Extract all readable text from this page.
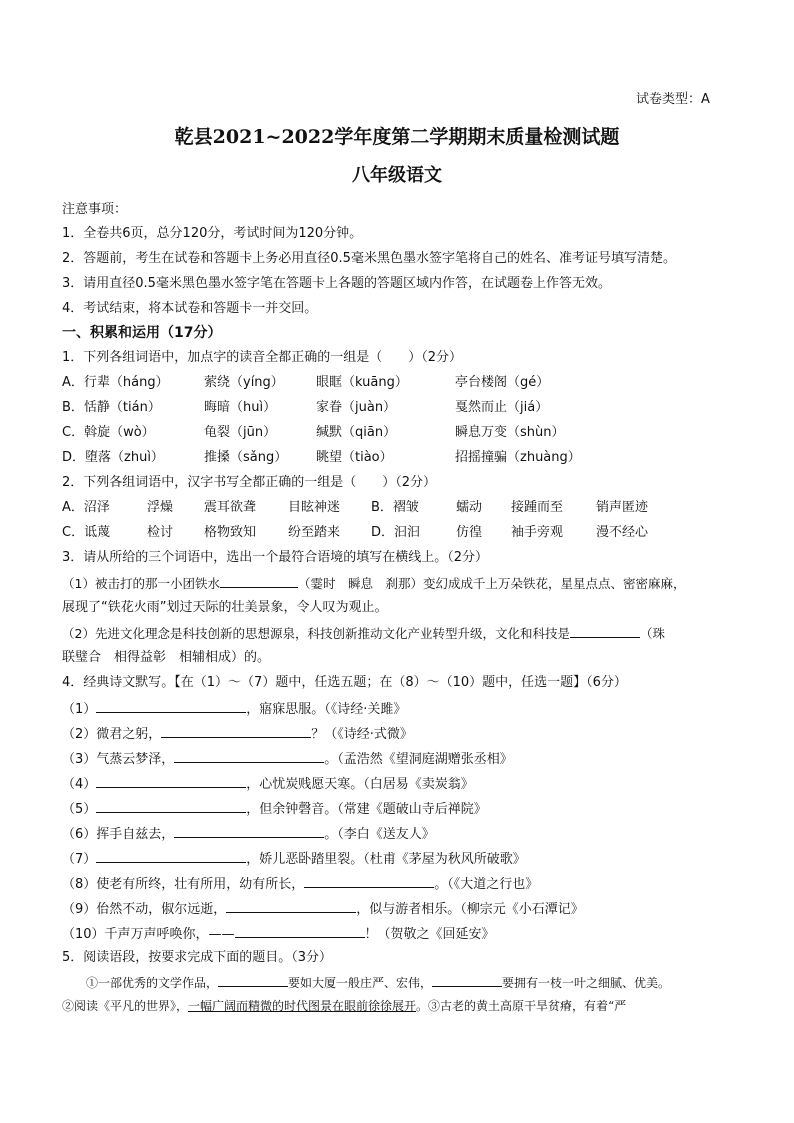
试卷类型：A
乾县2021~2022学年度第二学期期末质量检测试题
八年级语文
注意事项：
1．全卷共6页，总分120分，考试时间为120分钟。
2．答题前，考生在试卷和答题卡上务必用直径0.5毫米黑色墨水签字笔将自己的姓名、准考证号填写清楚。
3．请用直径0.5毫米黑色墨水签字笔在答题卡上各题的答题区域内作答，在试题卷上作答无效。
4．考试结束，将本试卷和答题卡一并交回。
一、积累和运用（17分）
1．下列各组词语中，加点字的读音全都正确的一组是（　　）（2分）
A．行辈（háng）	萦绕（yíng） 眼眶（kuāng）	亭台楼阁（gé）
B．恬静（tián）	晦暗（huì）	家眷（juàn）	戛然而止（jiá）
C．斡旋（wò）	龟裂（jūn）	缄默（qiān）	瞬息万变（shùn）
D．堕落（zhuì）	推搡（sǎng） 眺望（tiào）	招摇撞骗（zhuàng）
2．下列各组词语中，汉字书写全都正确的一组是（　　）（2分）
A．沼泽	浮燥 震耳欲聋 目眩神迷 B．褶皱	蠕动 接踵而至	销声匿迹
C．诋蔑	检讨 格物致知 纷至踏来 D．汩汩	仿徨 袖手旁观	漫不经心
3．请从所给的三个词语中，选出一个最符合语境的填写在横线上。（2分）
（1）被击打的那一小团铁水	（霎时　瞬息　刹那）变幻成成千上万朵铁花，星星点点、密密麻麻，
展现了“铁花火雨”划过天际的壮美景象，令人叹为观止。
（2）先进文化理念是科技创新的思想源泉，科技创新推动文化产业转型升级，文化和科技是	（珠
联璧合　相得益彰　相辅相成）的。
4．经典诗文默写。【在（1）～（7）题中，任选五题；在（8）～（10）题中，任选一题】（6分）
（1）	，寤寐思服。（《诗经·关雎》
（2）微君之躬，	？（《诗经·式微》
（3）气蒸云梦泽，	。（孟浩然《望洞庭湖赠张丞相》
（4）	，心忧炭贱愿天寒。（白居易《卖炭翁》
（5）	，但余钟磬音。（常建《题破山寺后禅院》
（6）挥手自兹去，	。（李白《送友人》
（7）	，娇儿恶卧踏里裂。（杜甫《茅屋为秋风所破歌》
（8）使老有所终，壮有所用，幼有所长，	。（《大道之行也》
（9）佁然不动，俶尔远逝，	，似与游者相乐。（柳宗元《小石潭记》
（10）千声万声呼唤你，——	！（贺敬之《回延安》
5．阅读语段，按要求完成下面的题目。（3分）
①一部优秀的文学作品，	要如大厦一般庄严、宏伟，	要拥有一枝一叶之细腻、优美。
②阅读《平凡的世界》，一幅广阔而精微的时代图景在眼前徐徐展开。③古老的黄土高原干旱贫瘠，有着“严
